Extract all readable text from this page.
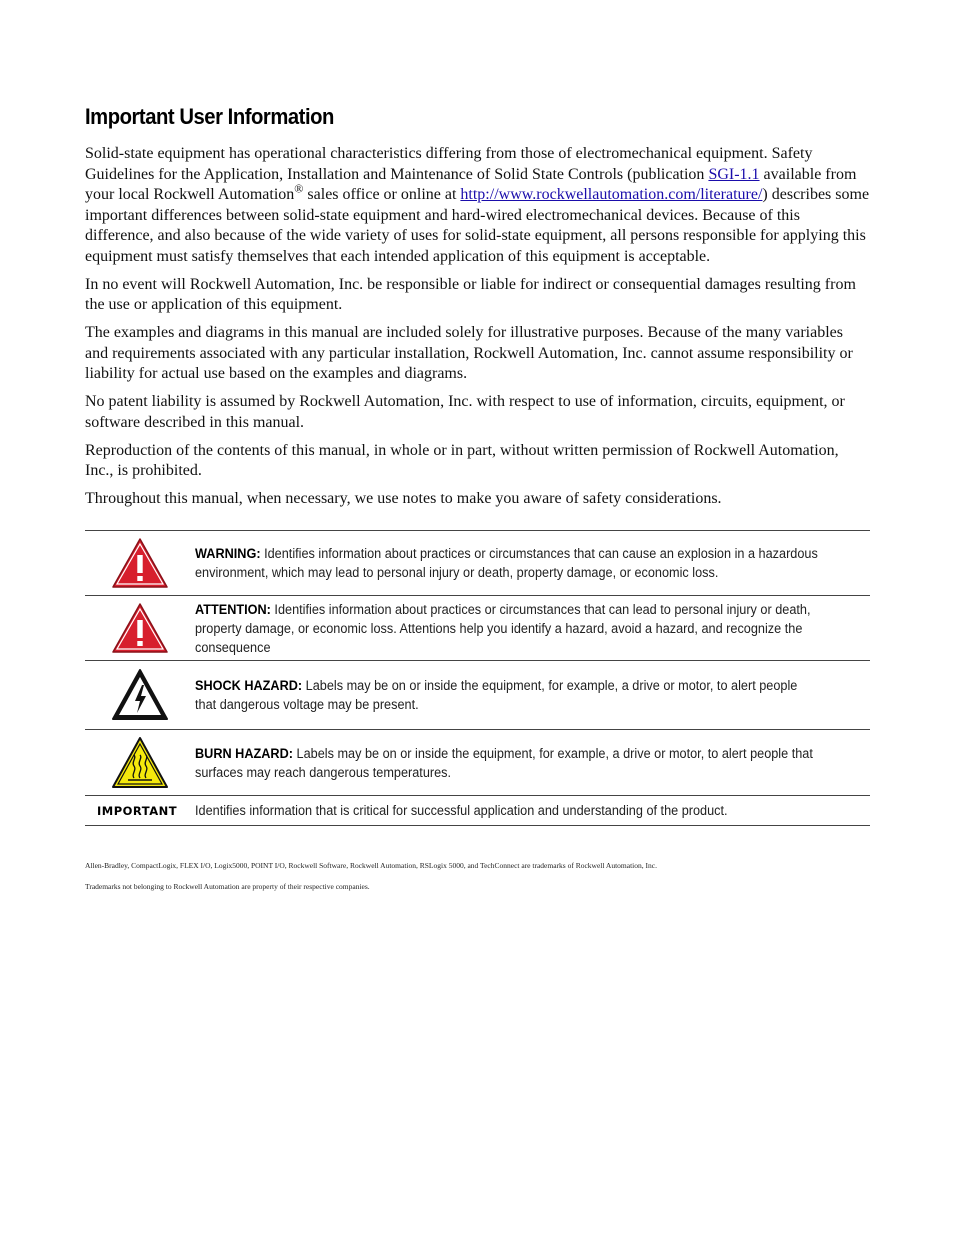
Important User Information

Solid-state equipment has operational characteristics differing from those of electromechanical equipment. Safety Guidelines for the Application, Installation and Maintenance of Solid State Controls (publication SGI-1.1 available from your local Rockwell Automation® sales office or online at http://www.rockwellautomation.com/literature/) describes some important differences between solid-state equipment and hard-wired electromechanical devices. Because of this difference, and also because of the wide variety of uses for solid-state equipment, all persons responsible for applying this equipment must satisfy themselves that each intended application of this equipment is acceptable.

In no event will Rockwell Automation, Inc. be responsible or liable for indirect or consequential damages resulting from the use or application of this equipment.

The examples and diagrams in this manual are included solely for illustrative purposes. Because of the many variables and requirements associated with any particular installation, Rockwell Automation, Inc. cannot assume responsibility or liability for actual use based on the examples and diagrams.

No patent liability is assumed by Rockwell Automation, Inc. with respect to use of information, circuits, equipment, or software described in this manual.

Reproduction of the contents of this manual, in whole or in part, without written permission of Rockwell Automation, Inc., is prohibited.

Throughout this manual, when necessary, we use notes to make you aware of safety considerations.

	WARNING: Identifies information about practices or circumstances that can cause an explosion in a hazardous environment, which may lead to personal injury or death, property damage, or economic loss.

	ATTENTION: Identifies information about practices or circumstances that can lead to personal injury or death, property damage, or economic loss. Attentions help you identify a hazard, avoid a hazard, and recognize the consequence

	SHOCK HAZARD: Labels may be on or inside the equipment, for example, a drive or motor, to alert people that dangerous voltage may be present.

	BURN HAZARD: Labels may be on or inside the equipment, for example, a drive or motor, to alert people that surfaces may reach dangerous temperatures.
IMPORTANT	Identifies information that is critical for successful application and understanding of the product.
Allen-Bradley, CompactLogix, FLEX I/O, Logix5000, POINT I/O, Rockwell Software, Rockwell Automation, RSLogix 5000, and TechConnect are trademarks of Rockwell Automation, Inc.
Trademarks not belonging to Rockwell Automation are property of their respective companies.
